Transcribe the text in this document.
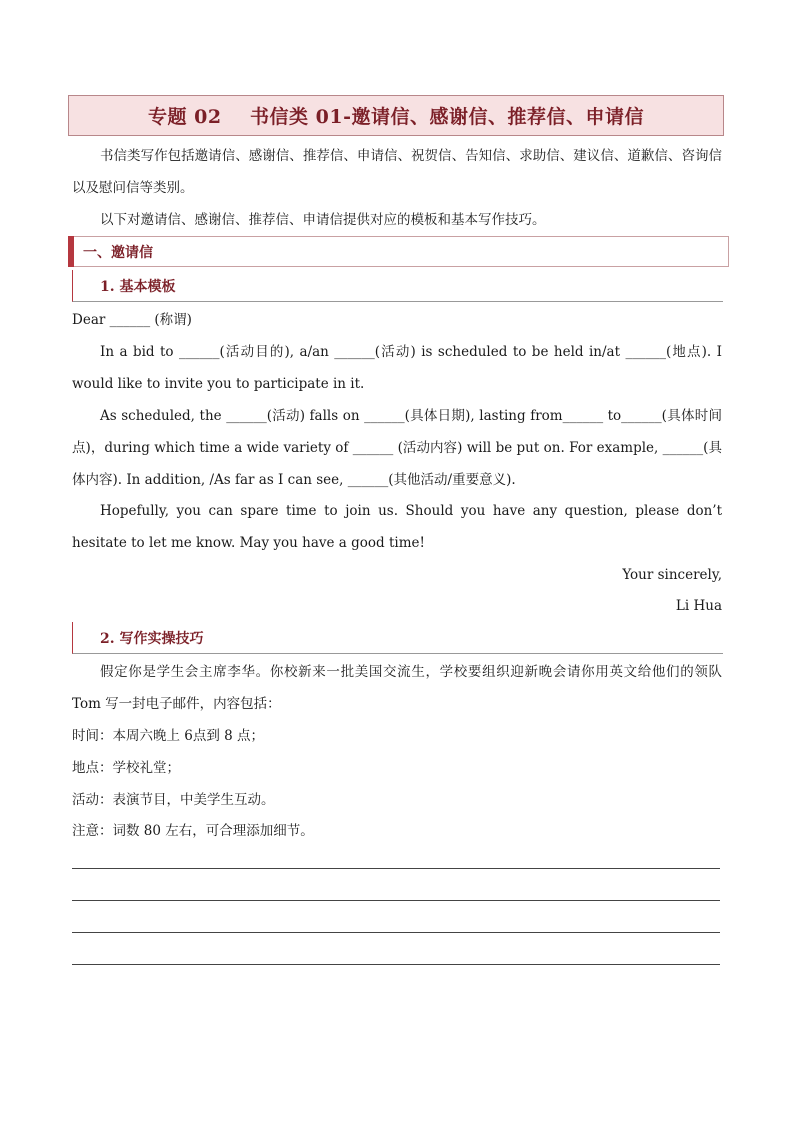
专题 02
书信类 01-邀请信、感谢信、推荐信、申请信

书信类写作包括邀请信、感谢信、推荐信、申请信、祝贺信、告知信、求助信、建议信、道歉信、咨询信以及慰问信等类别。

以下对邀请信、感谢信、推荐信、申请信提供对应的模板和基本写作技巧。

一、邀请信
1. 基本模板

Dear ______ (称谓)

In a bid to ______(活动目的), a/an ______(活动) is scheduled to be held in/at ______(地点). I would like to invite you to participate in it.

As scheduled, the ______(活动) falls on ______(具体日期), lasting from______ to______(具体时间点)，during which time a wide variety of ______ (活动内容) will be put on. For example, ______(具体内容). In addition, /As far as I can see, ______(其他活动/重要意义).

Hopefully, you can spare time to join us. Should you have any question, please don’t hesitate to let me know. May you have a good time!

Your sincerely,

Li Hua

2. 写作实操技巧

假定你是学生会主席李华。你校新来一批美国交流生，学校要组织迎新晚会请你用英文给他们的领队Tom 写一封电子邮件，内容包括：

时间：本周六晚上 6点到 8 点；

地点：学校礼堂；

活动：表演节目，中美学生互动。

注意：词数 80 左右，可合理添加细节。
